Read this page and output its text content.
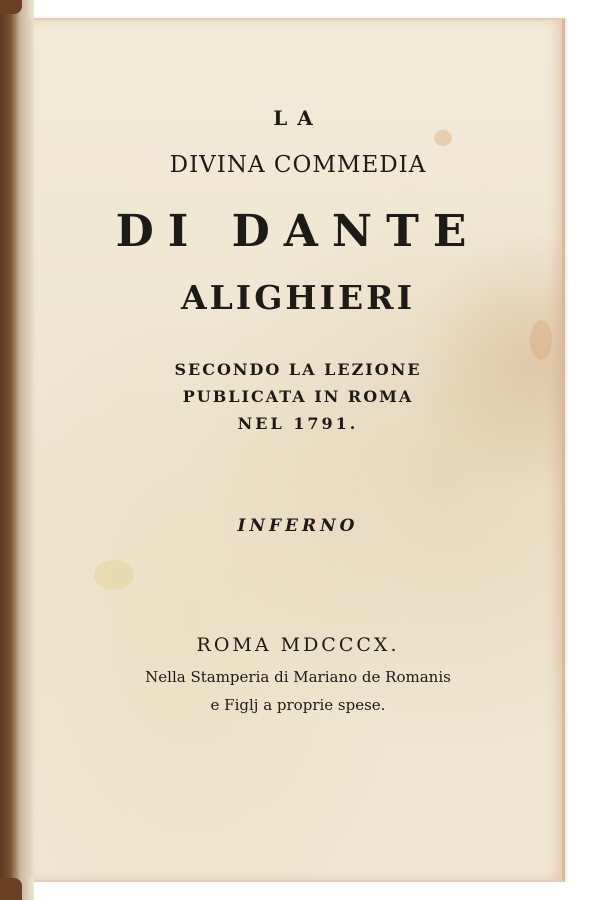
LA
DIVINA COMMEDIA
DI DANTE
ALIGHIERI
SECONDO LA LEZIONE
PUBLICATA IN ROMA
NEL 1791.
INFERNO
ROMA MDCCCX.
Nella Stamperia di Mariano de Romanis
e Figlj a proprie spese.
